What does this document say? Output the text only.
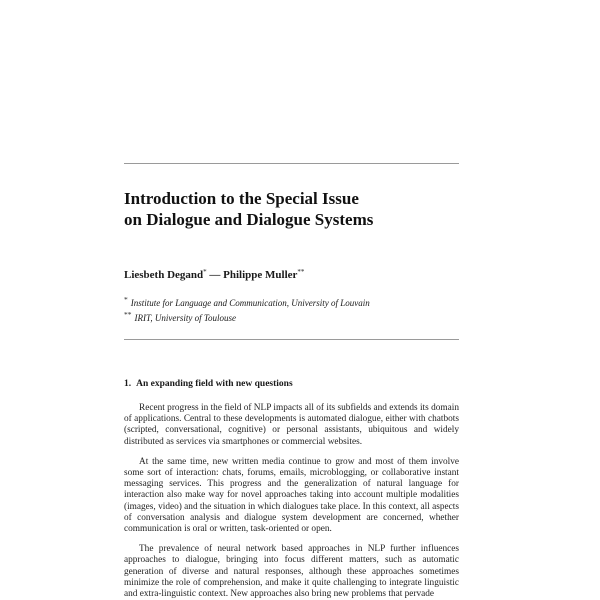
Introduction to the Special Issue
on Dialogue and Dialogue Systems
Liesbeth Degand* — Philippe Muller**
* Institute for Language and Communication, University of Louvain
** IRIT, University of Toulouse
1. An expanding field with new questions

Recent progress in the field of NLP impacts all of its subfields and extends its domain of applications. Central to these developments is automated dialogue, either with chatbots (scripted, conversational, cognitive) or personal assistants, ubiquitous and widely distributed as services via smartphones or commercial websites.

At the same time, new written media continue to grow and most of them involve some sort of interaction: chats, forums, emails, microblogging, or collaborative instant messaging services. This progress and the generalization of natural language for interaction also make way for novel approaches taking into account multiple modalities (images, video) and the situation in which dialogues take place. In this context, all aspects of conversation analysis and dialogue system development are concerned, whether communication is oral or written, task-oriented or open.

The prevalence of neural network based approaches in NLP further influences approaches to dialogue, bringing into focus different matters, such as automatic generation of diverse and natural responses, although these approaches sometimes minimize the role of comprehension, and make it quite challenging to integrate linguistic and extra-linguistic context. New approaches also bring new problems that pervade
